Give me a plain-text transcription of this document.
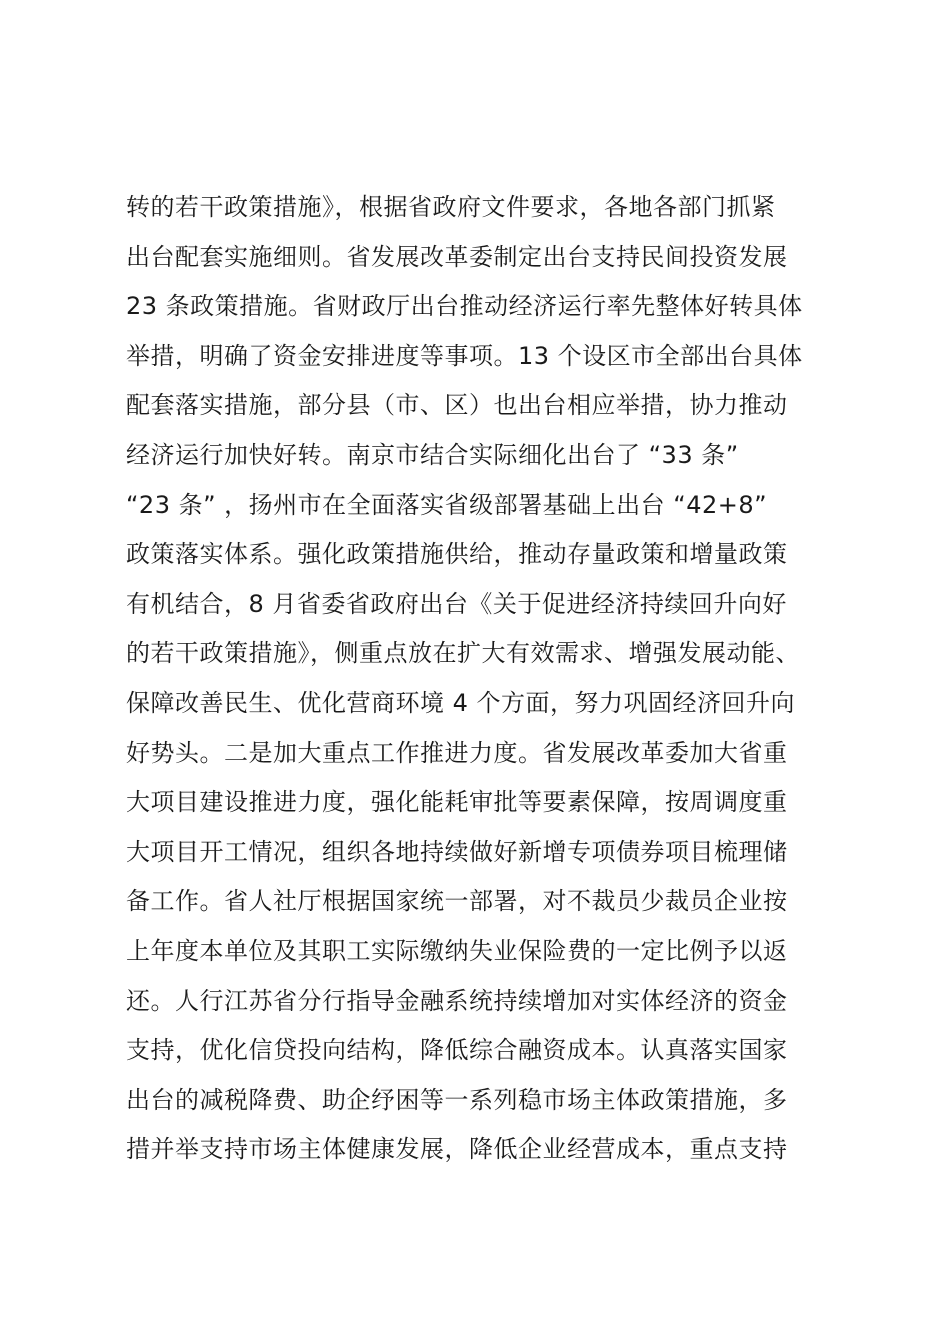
转的若干政策措施》，根据省政府文件要求，各地各部门抓紧
出台配套实施细则。省发展改革委制定出台支持民间投资发展
23 条政策措施。省财政厅出台推动经济运行率先整体好转具体
举措，明确了资金安排进度等事项。13 个设区市全部出台具体
配套落实措施，部分县（市、区）也出台相应举措，协力推动
经济运行加快好转。南京市结合实际细化出台了 “33 条”
“23 条” ，扬州市在全面落实省级部署基础上出台 “42+8”
政策落实体系。强化政策措施供给，推动存量政策和增量政策
有机结合，8 月省委省政府出台《关于促进经济持续回升向好
的若干政策措施》，侧重点放在扩大有效需求、增强发展动能、
保障改善民生、优化营商环境 4 个方面，努力巩固经济回升向
好势头。二是加大重点工作推进力度。省发展改革委加大省重
大项目建设推进力度，强化能耗审批等要素保障，按周调度重
大项目开工情况，组织各地持续做好新增专项债券项目梳理储
备工作。省人社厅根据国家统一部署，对不裁员少裁员企业按
上年度本单位及其职工实际缴纳失业保险费的一定比例予以返
还。人行江苏省分行指导金融系统持续增加对实体经济的资金
支持，优化信贷投向结构，降低综合融资成本。认真落实国家
出台的减税降费、助企纾困等一系列稳市场主体政策措施，多
措并举支持市场主体健康发展，降低企业经营成本，重点支持
